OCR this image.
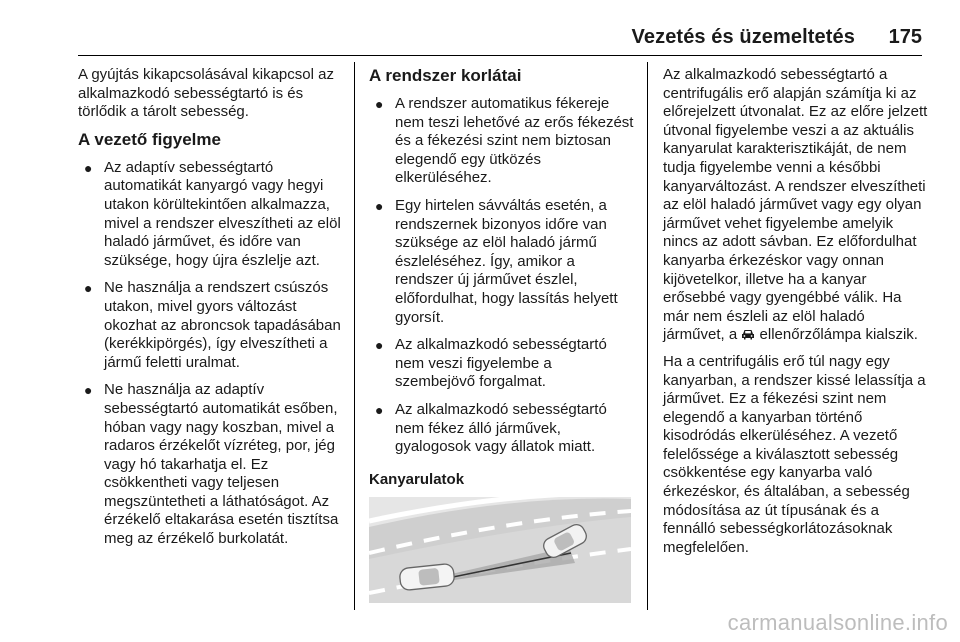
Vezetés és üzemeltetés 175

A gyújtás kikapcsolásával kikapcsol az alkalmazkodó sebességtartó is és törlődik a tárolt sebesség.

A vezető figyelme
● Az adaptív sebességtartó automatikát kanyargó vagy hegyi utakon körültekintően alkalmazza, mivel a rendszer elveszítheti az elöl haladó járművet, és időre van szüksége, hogy újra észlelje azt.
● Ne használja a rendszert csúszós utakon, mivel gyors változást okozhat az abroncsok tapadásában (kerékkipörgés), így elveszítheti a jármű feletti uralmat.
● Ne használja az adaptív sebességtartó automatikát esőben, hóban vagy nagy koszban, mivel a radaros érzékelőt vízréteg, por, jég vagy hó takarhatja el. Ez csökkentheti vagy teljesen megszüntetheti a láthatóságot. Az érzékelő eltakarása esetén tisztítsa meg az érzékelő burkolatát.
A rendszer korlátai
● A rendszer automatikus fékereje nem teszi lehetővé az erős fékezést és a fékezési szint nem biztosan elegendő egy ütközés elkerüléséhez.
● Egy hirtelen sávváltás esetén, a rendszernek bizonyos időre van szüksége az elöl haladó jármű észleléséhez. Így, amikor a rendszer új járművet észlel, előfordulhat, hogy lassítás helyett gyorsít.
● Az alkalmazkodó sebességtartó nem veszi figyelembe a szembejövő forgalmat.
● Az alkalmazkodó sebességtartó nem fékez álló járművek, gyalogosok vagy állatok miatt.
Kanyarulatok

Az alkalmazkodó sebességtartó a centrifugális erő alapján számítja ki az előrejelzett útvonalat. Ez az előre jelzett útvonal figyelembe veszi a az aktuális kanyarulat karakterisztikáját, de nem tudja figyelembe venni a későbbi kanyarváltozást. A rendszer elveszítheti az elöl haladó járművet vagy egy olyan járművet vehet figyelembe amelyik nincs az adott sávban. Ez előfordulhat kanyarba érkezéskor vagy onnan kijövetelkor, illetve ha a kanyar erősebbé vagy gyengébbé válik. Ha már nem észleli az elöl haladó járművet, a ellenőrzőlámpa kialszik.

Ha a centrifugális erő túl nagy egy kanyarban, a rendszer kissé lelassítja a járművet. Ez a fékezési szint nem elegendő a kanyarban történő kisodródás elkerüléséhez. A vezető felelőssége a kiválasztott sebesség csökkentése egy kanyarba való érkezéskor, és általában, a sebesség módosítása az út típusának és a fennálló sebességkorlátozásoknak megfelelően.

carmanualsonline.info
